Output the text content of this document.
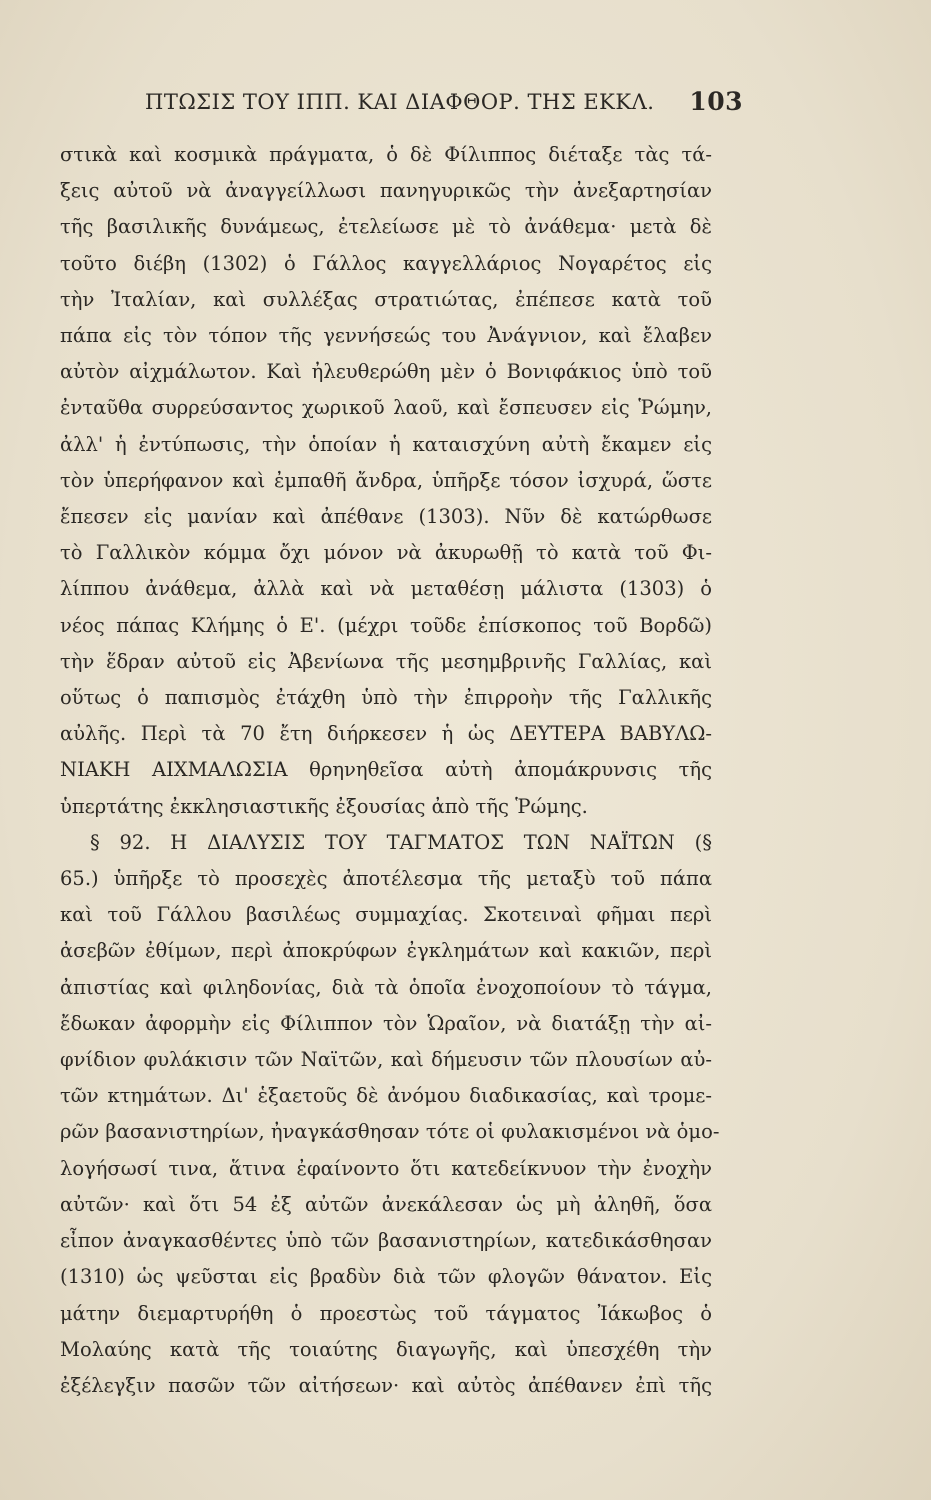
ΠΤΩΣΙΣ ΤΟΥ ΙΠΠ. ΚΑΙ ΔΙΑΦΘΟΡ. ΤΗΣ ΕΚΚΛ. 103
στικὰ καὶ κοσμικὰ πράγματα, ὁ δὲ Φίλιππος διέταξε τὰς τά-
ξεις αὐτοῦ νὰ ἀναγγείλλωσι πανηγυρικῶς τὴν ἀνεξαρτησίαν
τῆς βασιλικῆς δυνάμεως, ἐτελείωσε μὲ τὸ ἀνάθεμα· μετὰ δὲ
τοῦτο διέβη (1302) ὁ Γάλλος καγγελλάριος Νογαρέτος εἰς
τὴν Ἰταλίαν, καὶ συλλέξας στρατιώτας, ἐπέπεσε κατὰ τοῦ
πάπα εἰς τὸν τόπον τῆς γεννήσεώς του Ἀνάγνιον, καὶ ἔλαβεν
αὐτὸν αἰχμάλωτον. Καὶ ἠλευθερώθη μὲν ὁ Βονιφάκιος ὑπὸ τοῦ
ἐνταῦθα συρρεύσαντος χωρικοῦ λαοῦ, καὶ ἔσπευσεν εἰς Ῥώμην,
ἀλλ' ἡ ἐντύπωσις, τὴν ὁποίαν ἡ καταισχύνη αὐτὴ ἔκαμεν εἰς
τὸν ὑπερήφανον καὶ ἐμπαθῆ ἄνδρα, ὑπῆρξε τόσον ἰσχυρά, ὥστε
ἔπεσεν εἰς μανίαν καὶ ἀπέθανε (1303). Νῦν δὲ κατώρθωσε
τὸ Γαλλικὸν κόμμα ὄχι μόνον νὰ ἀκυρωθῇ τὸ κατὰ τοῦ Φι-
λίππου ἀνάθεμα, ἀλλὰ καὶ νὰ μεταθέσῃ μάλιστα (1303) ὁ
νέος πάπας Κλήμης ὁ Ε'. (μέχρι τοῦδε ἐπίσκοπος τοῦ Βορδῶ)
τὴν ἕδραν αὐτοῦ εἰς Ἀβενίωνα τῆς μεσημβρινῆς Γαλλίας, καὶ
οὕτως ὁ παπισμὸς ἐτάχθη ὑπὸ τὴν ἐπιρροὴν τῆς Γαλλικῆς
αὐλῆς. Περὶ τὰ 70 ἔτη διήρκεσεν ἡ ὡς ΔΕΥΤΕΡΑ ΒΑΒΥΛΩ-
ΝΙΑΚΗ ΑΙΧΜΑΛΩΣΙΑ θρηνηθεῖσα αὐτὴ ἀπομάκρυνσις τῆς
ὑπερτάτης ἐκκλησιαστικῆς ἐξουσίας ἀπὸ τῆς Ῥώμης.
§ 92. Η ΔΙΑΛΥΣΙΣ ΤΟΥ ΤΑΓΜΑΤΟΣ ΤΩΝ ΝΑΪΤΩΝ (§
65.) ὑπῆρξε τὸ προσεχὲς ἀποτέλεσμα τῆς μεταξὺ τοῦ πάπα
καὶ τοῦ Γάλλου βασιλέως συμμαχίας. Σκοτειναὶ φῆμαι περὶ
ἀσεβῶν ἐθίμων, περὶ ἀποκρύφων ἐγκλημάτων καὶ κακιῶν, περὶ
ἀπιστίας καὶ φιληδονίας, διὰ τὰ ὁποῖα ἐνοχοποίουν τὸ τάγμα,
ἔδωκαν ἀφορμὴν εἰς Φίλιππον τὸν Ὡραῖον, νὰ διατάξῃ τὴν αἰ-
φνίδιον φυλάκισιν τῶν Ναϊτῶν, καὶ δήμευσιν τῶν πλουσίων αὐ-
τῶν κτημάτων. Δι' ἑξαετοῦς δὲ ἀνόμου διαδικασίας, καὶ τρομε-
ρῶν βασανιστηρίων, ἠναγκάσθησαν τότε οἱ φυλακισμένοι νὰ ὁμο-
λογήσωσί τινα, ἅτινα ἐφαίνοντο ὅτι κατεδείκνυον τὴν ἐνοχὴν
αὐτῶν· καὶ ὅτι 54 ἐξ αὐτῶν ἀνεκάλεσαν ὡς μὴ ἀληθῆ, ὅσα
εἶπον ἀναγκασθέντες ὑπὸ τῶν βασανιστηρίων, κατεδικάσθησαν
(1310) ὡς ψεῦσται εἰς βραδὺν διὰ τῶν φλογῶν θάνατον. Εἰς
μάτην διεμαρτυρήθη ὁ προεστὼς τοῦ τάγματος Ἰάκωβος ὁ
Μολαύης κατὰ τῆς τοιαύτης διαγωγῆς, καὶ ὑπεσχέθη τὴν
ἐξέλεγξιν πασῶν τῶν αἰτήσεων· καὶ αὐτὸς ἀπέθανεν ἐπὶ τῆς
